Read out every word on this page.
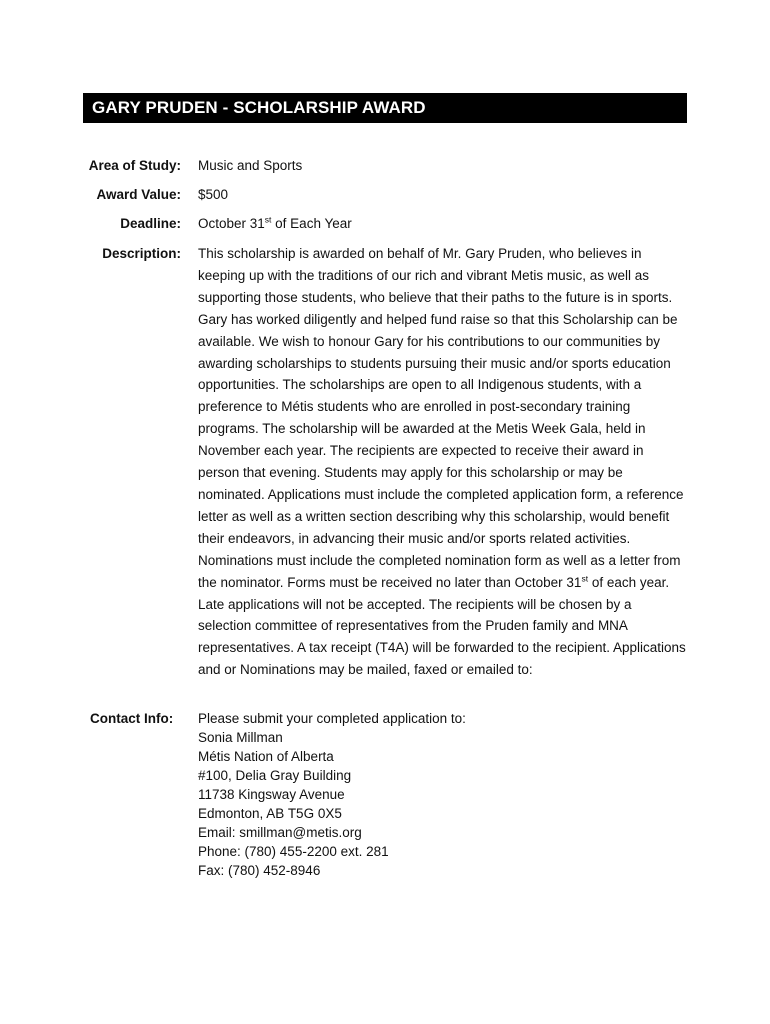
GARY PRUDEN - SCHOLARSHIP AWARD
Area of Study: Music and Sports
Award Value: $500
Deadline: October 31st of Each Year
Description: This scholarship is awarded on behalf of Mr. Gary Pruden, who believes in keeping up with the traditions of our rich and vibrant Metis music, as well as supporting those students, who believe that their paths to the future is in sports. Gary has worked diligently and helped fund raise so that this Scholarship can be available. We wish to honour Gary for his contributions to our communities by awarding scholarships to students pursuing their music and/or sports education opportunities. The scholarships are open to all Indigenous students, with a preference to Métis students who are enrolled in post-secondary training programs. The scholarship will be awarded at the Metis Week Gala, held in November each year. The recipients are expected to receive their award in person that evening. Students may apply for this scholarship or may be nominated. Applications must include the completed application form, a reference letter as well as a written section describing why this scholarship, would benefit their endeavors, in advancing their music and/or sports related activities. Nominations must include the completed nomination form as well as a letter from the nominator. Forms must be received no later than October 31st of each year. Late applications will not be accepted. The recipients will be chosen by a selection committee of representatives from the Pruden family and MNA representatives. A tax receipt (T4A) will be forwarded to the recipient. Applications and or Nominations may be mailed, faxed or emailed to:
Contact Info: Please submit your completed application to:
Sonia Millman
Métis Nation of Alberta
#100, Delia Gray Building
11738 Kingsway Avenue
Edmonton, AB T5G 0X5
Email: smillman@metis.org
Phone: (780) 455-2200 ext. 281
Fax: (780) 452-8946
